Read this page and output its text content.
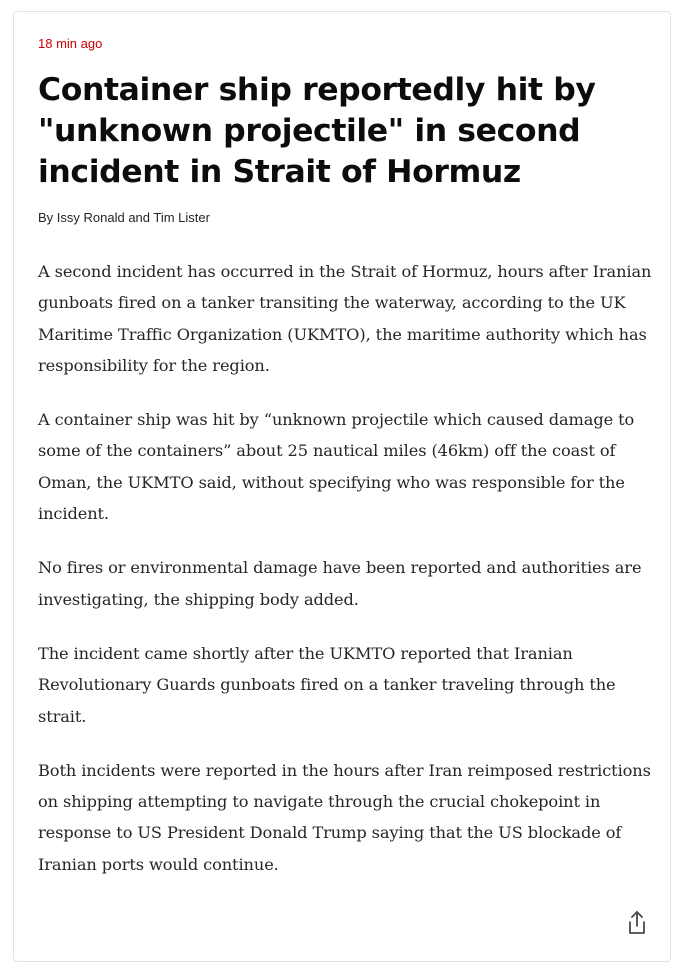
18 min ago
Container ship reportedly hit by "unknown projectile" in second incident in Strait of Hormuz
By Issy Ronald and Tim Lister

A second incident has occurred in the Strait of Hormuz, hours after Iranian gunboats fired on a tanker transiting the waterway, according to the UK Maritime Traffic Organization (UKMTO), the maritime authority which has responsibility for the region.

A container ship was hit by “unknown projectile which caused damage to some of the containers” about 25 nautical miles (46km) off the coast of Oman, the UKMTO said, without specifying who was responsible for the incident.

No fires or environmental damage have been reported and authorities are investigating, the shipping body added.

The incident came shortly after the UKMTO reported that Iranian Revolutionary Guards gunboats fired on a tanker traveling through the strait.

Both incidents were reported in the hours after Iran reimposed restrictions on shipping attempting to navigate through the crucial chokepoint in response to US President Donald Trump saying that the US blockade of Iranian ports would continue.
